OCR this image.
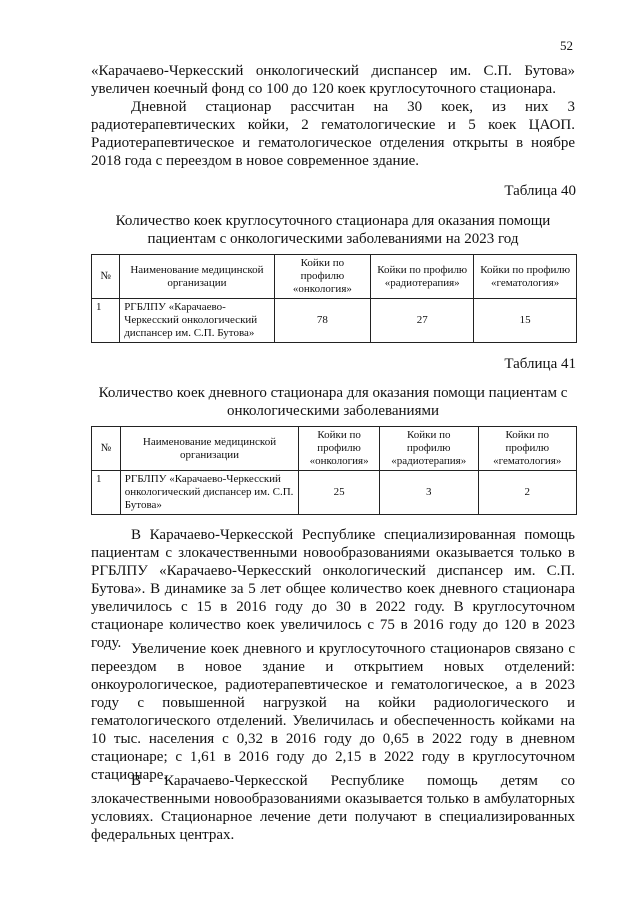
52

«Карачаево-Черкесский онкологический диспансер им. С.П. Бутова» увеличен коечный фонд со 100 до 120 коек круглосуточного стационара.

Дневной стационар рассчитан на 30 коек, из них 3 радиотерапевтических койки, 2 гематологические и 5 коек ЦАОП. Радиотерапевтическое и гематологическое отделения открыты в ноябре 2018 года с переездом в новое современное здание.

Таблица 40
Количество коек круглосуточного стационара для оказания помощи пациентам с онкологическими заболеваниями на 2023 год
№	Наименование медицинской организации	Койки по профилю «онкология»	Койки по профилю «радиотерапия»	Койки по профилю «гематология»
1	РГБЛПУ «Карачаево-Черкесский онкологический диспансер им. С.П. Бутова»	78	27	15
Таблица 41
Количество коек дневного стационара для оказания помощи пациентам с онкологическими заболеваниями
№	Наименование медицинской организации	Койки по профилю «онкология»	Койки по профилю «радиотерапия»	Койки по профилю «гематология»
1	РГБЛПУ «Карачаево-Черкесский онкологический диспансер им. С.П. Бутова»	25	3	2

В Карачаево-Черкесской Республике специализированная помощь пациентам с злокачественными новообразованиями оказывается только в РГБЛПУ «Карачаево-Черкесский онкологический диспансер им. С.П. Бутова». В динамике за 5 лет общее количество коек дневного стационара увеличилось с 15 в 2016 году до 30 в 2022 году. В круглосуточном стационаре количество коек увеличилось с 75 в 2016 году до 120 в 2023 году. Увеличение коек дневного и круглосуточного стационаров связано с переездом в новое здание и открытием новых отделений: онкоурологическое, радиотерапевтическое и гематологическое, а в 2023 году с повышенной нагрузкой на койки радиологического и гематологического отделений. Увеличилась и обеспеченность койками на 10 тыс. населения с 0,32 в 2016 году до 0,65 в 2022 году в дневном стационаре; с 1,61 в 2016 году до 2,15 в 2022 году в круглосуточном стационаре.

В Карачаево-Черкесской Республике помощь детям со злокачественными новообразованиями оказывается только в амбулаторных условиях. Стационарное лечение дети получают в специализированных федеральных центрах.
